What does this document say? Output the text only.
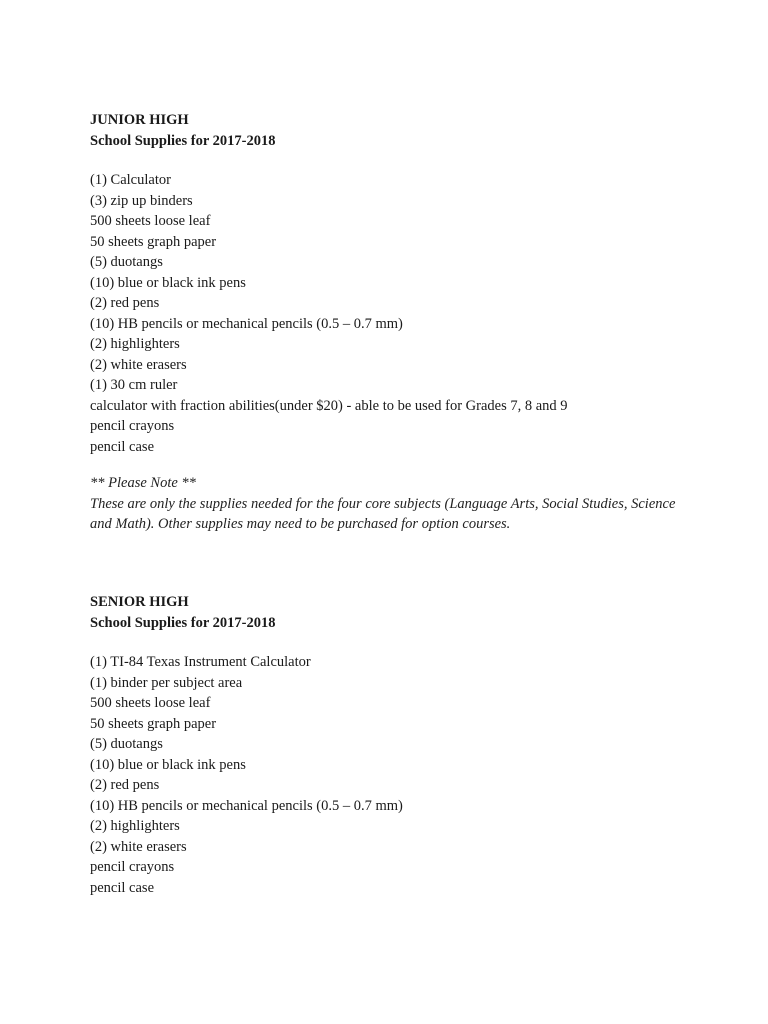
JUNIOR HIGH

School Supplies for 2017-2018

(1) Calculator
(3) zip up binders
500 sheets loose leaf
50 sheets graph paper
(5) duotangs
(10) blue or black ink pens
(2) red pens
(10) HB pencils or mechanical pencils (0.5 – 0.7 mm)
(2) highlighters
(2) white erasers
(1) 30 cm ruler
calculator with fraction abilities(under $20) - able to be used for Grades 7, 8 and 9
pencil crayons
pencil case

** Please Note **

These are only the supplies needed for the four core subjects (Language Arts, Social Studies, Science and Math). Other supplies may need to be purchased for option courses.

SENIOR HIGH

School Supplies for 2017-2018

(1) TI-84 Texas Instrument Calculator
(1) binder per subject area
500 sheets loose leaf
50 sheets graph paper
(5) duotangs
(10) blue or black ink pens
(2) red pens
(10) HB pencils or mechanical pencils (0.5 – 0.7 mm)
(2) highlighters
(2) white erasers
pencil crayons
pencil case
